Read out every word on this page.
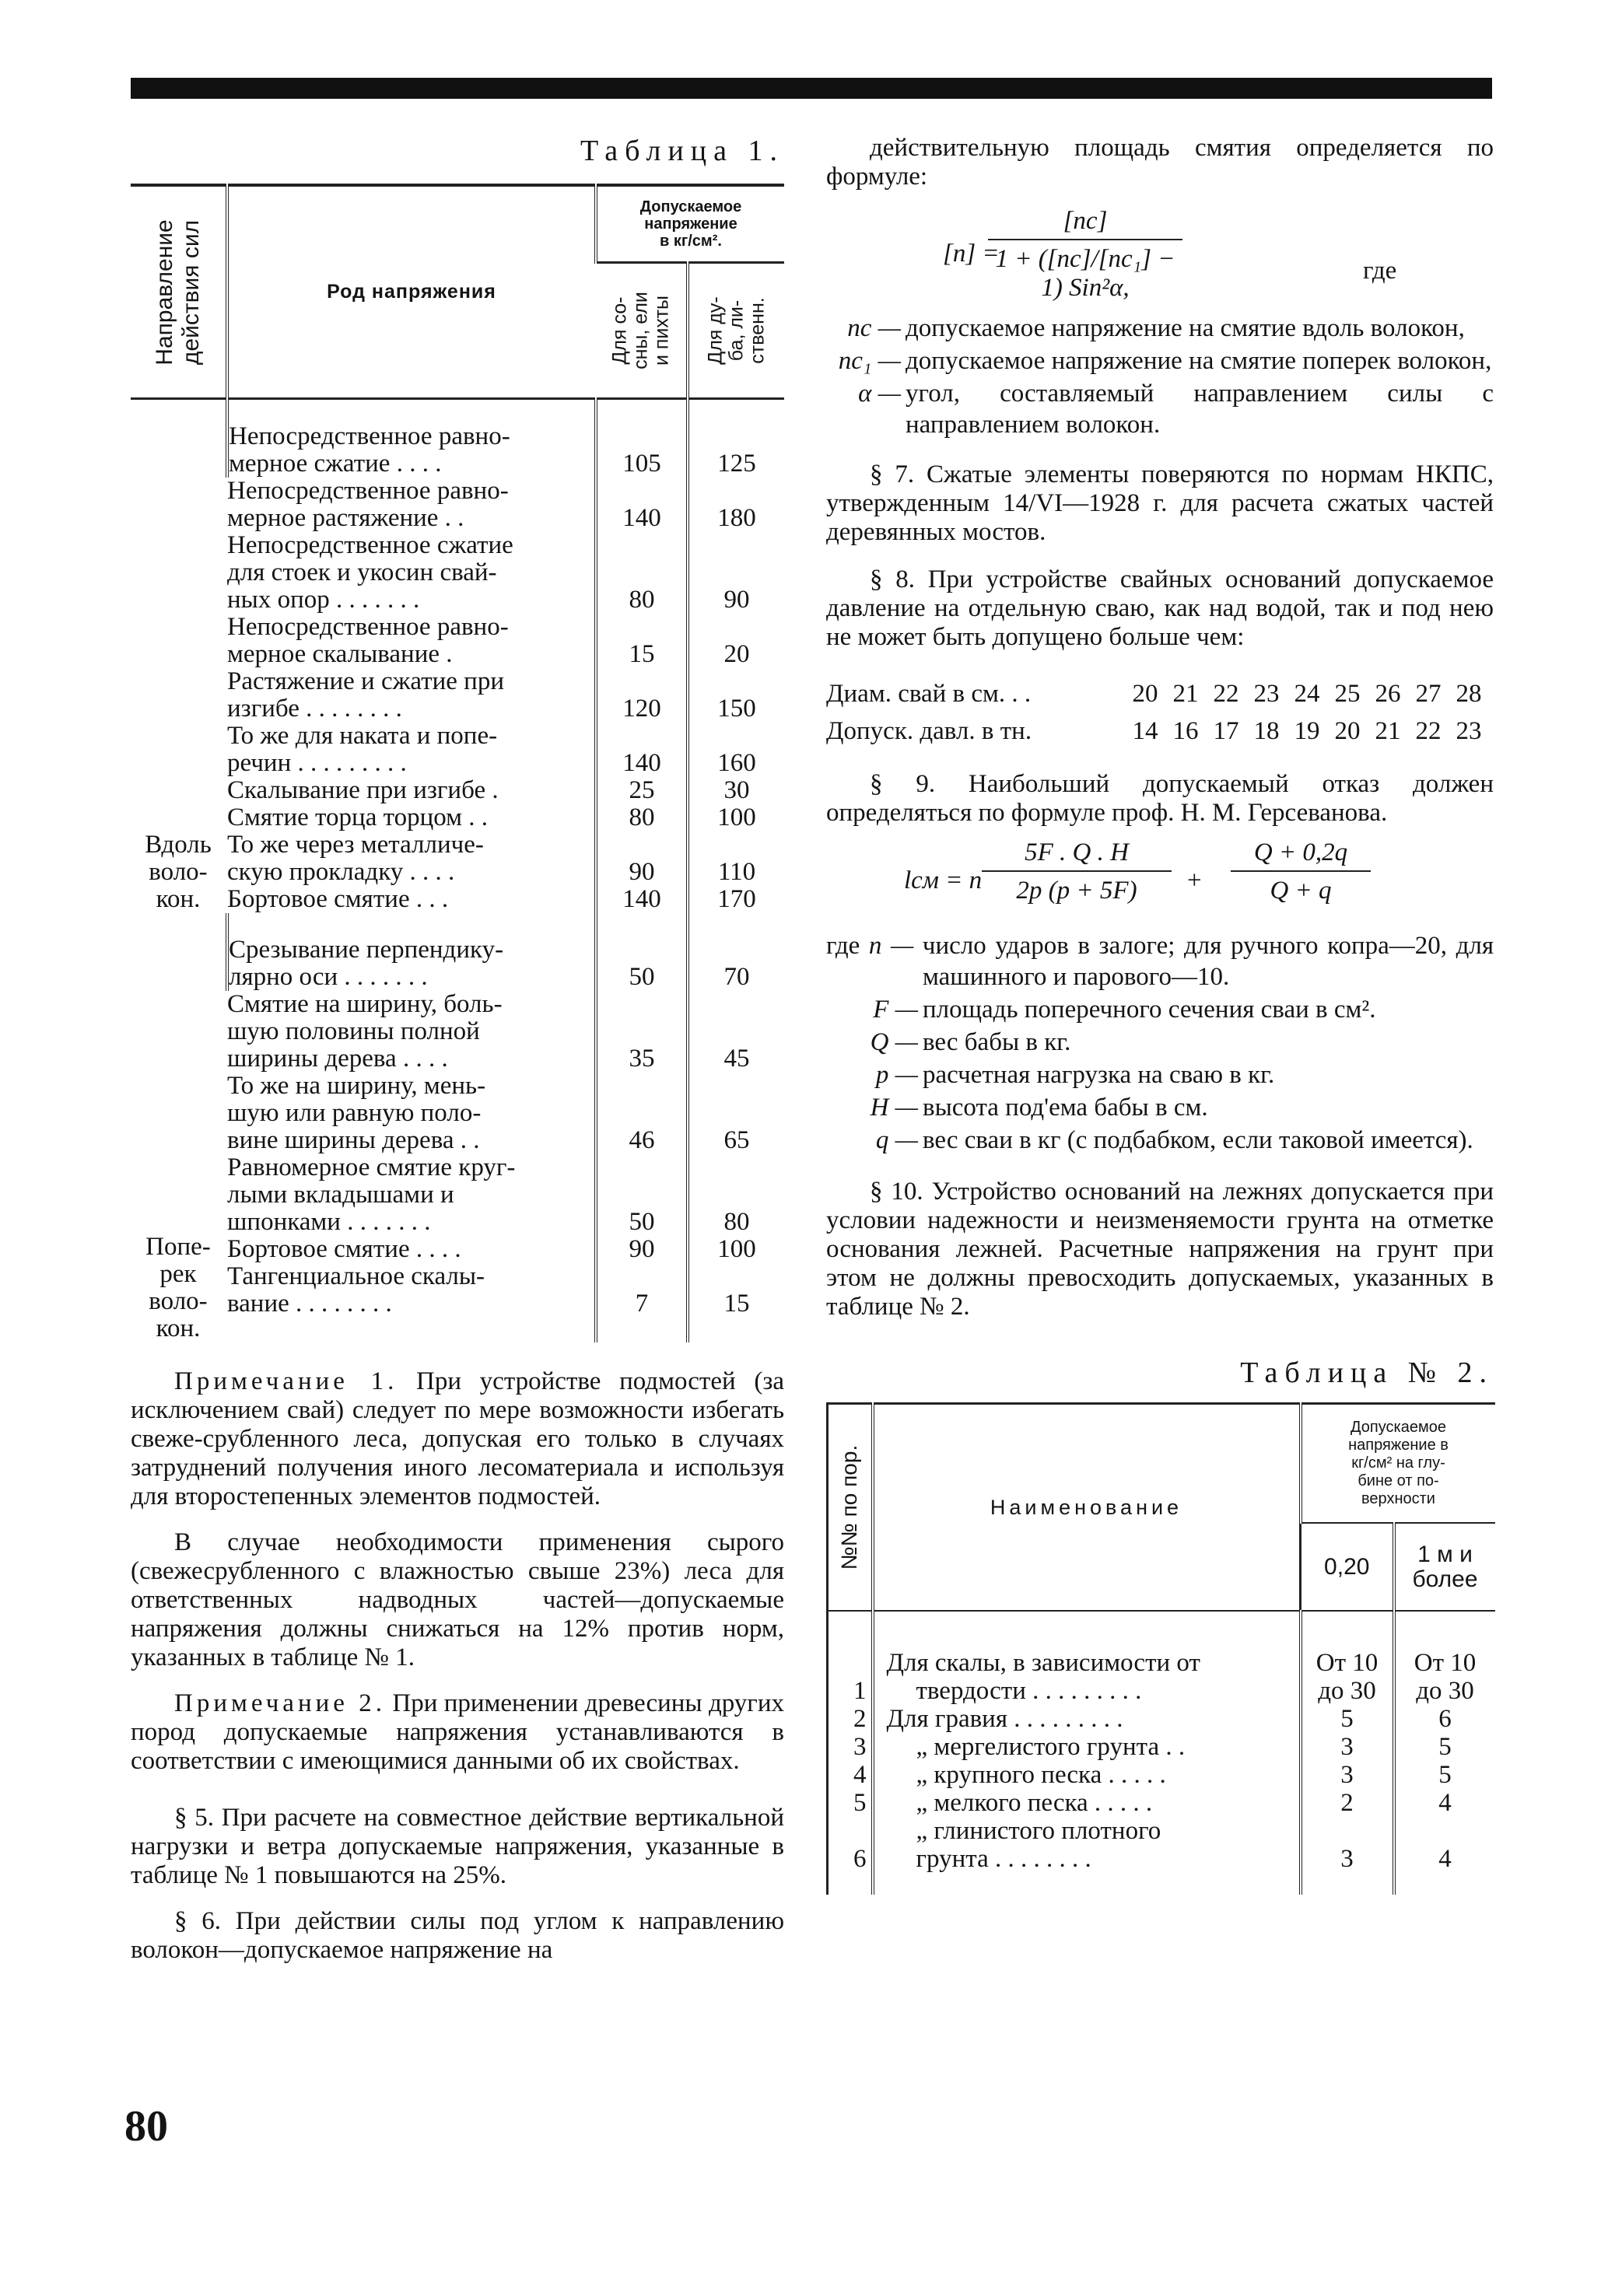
Таблица 1.
Направление
действия сил	Род напряжения	Допускаемое
напряжение
в кг/см².	

		Для со-
сны, ели
и пихты	Для ду-
ба, ли-
ственн.

Вдоль
воло-
кон.	Непосредственное равно-
мерное сжатие . . . .	105	125
	Непосредственное равно-
мерное растяжение . .	140	180
	Непосредственное сжатие
для стоек и укосин свай-
ных опор . . . . . . .	80	90
	Непосредственное равно-
мерное скалывание .	15	20
	Растяжение и сжатие при
изгибе . . . . . . . .	120	150
	То же для наката и попе-
речин . . . . . . . . .	140	160
	Скалывание при изгибе .	25	30
	Смятие торца торцом . .	80	100
	То же через металличе-
скую прокладку . . . .	90	110
	Бортовое смятие . . .	140	170
Попе-
рек
воло-
кон.	Срезывание перпендику-
лярно оси . . . . . . .	50	70
	Смятие на ширину, боль-
шую половины полной
ширины дерева . . . .	35	45
	То же на ширину, мень-
шую или равную поло-
вине ширины дерева . .	46	65
	Равномерное смятие круг-
лыми вкладышами и
шпонками . . . . . . .	50	80
	Бортовое смятие . . . .	90	100
	Тангенциальное скалы-
вание . . . . . . . .	7	15

Примечание 1. При устройстве подмостей (за исключением свай) следует по мере возможности избегать свеже-срубленного леса, допуская его только в случаях затруднений получения иного лесоматериала и используя для второстепенных элементов подмостей.

В случае необходимости применения сырого (свежесрубленного с влажностью свыше 23%) леса для ответственных надводных частей—допускаемые напряжения должны снижаться на 12% против норм, указанных в таблице № 1.

Примечание 2. При применении древесины других пород допускаемые напряжения устанавливаются в соответствии с имеющимися данными об их свойствах.

§ 5. При расчете на совместное действие вертикальной нагрузки и ветра допускаемые напряжения, указанные в таблице № 1 повышаются на 25%.

§ 6. При действии силы под углом к направлению волокон—допускаемое напряжение на

действительную площадь смятия определяется по формуле:

[n] =
[nc]
1 + ([nc]/[nc₁] − 1) Sin²α,
где
nc — допускаемое напряжение на смятие вдоль волокон,
nc₁ — допускаемое напряжение на смятие поперек волокон,
α — угол, составляемый направлением силы с направлением волокон.

§ 7. Сжатые элементы поверяются по нормам НКПС, утвержденным 14/VI—1928 г. для расчета сжатых частей деревянных мостов.

§ 8. При устройстве свайных оснований допускаемое давление на отдельную сваю, как над водой, так и под нею не может быть допущено больше чем:

Диам. свай в см. . .	20 21 22 23 24 25 26 27 28
Допуск. давл. в тн.	14 16 17 18 19 20 21 22 23

§ 9. Наибольший допускаемый отказ должен определяться по формуле проф. Н. М. Герсеванова.

lсм = n
5F . Q . H
2p (p + 5F)	+
Q + 0,2q
Q + q
где n — число ударов в залоге; для ручного копра—20, для машинного и парового—10.
F — площадь поперечного сечения сваи в см².
Q — вес бабы в кг.
p — расчетная нагрузка на сваю в кг.
H — высота под'ема бабы в см.
q — вес сваи в кг (с подбабком, если таковой имеется).

§ 10. Устройство оснований на лежнях допускается при условии надежности и неизменяемости грунта на отметке основания лежней. Расчетные напряжения на грунт при этом не должны превосходить допускаемых, указанных в таблице № 2.

Таблица № 2.
№№ по пор.	Наименование	Допускаемое
напряжение в
кг/см² на глу-
бине от по-
верхности	
		0,20	1 м и
более
1	Для скалы, в зависимости от

твердости . . . . . . . . .	От 10
до 30	От 10
до 30
2	Для гравия . . . . . . . . .	5	6
3	„ мергелистого грунта . .	3	5
4	„ крупного песка . . . . .	3	5
5	„ мелкого песка . . . . .	2	4
6	„ глинистого плотного
грунта . . . . . . . .	3	4
80
